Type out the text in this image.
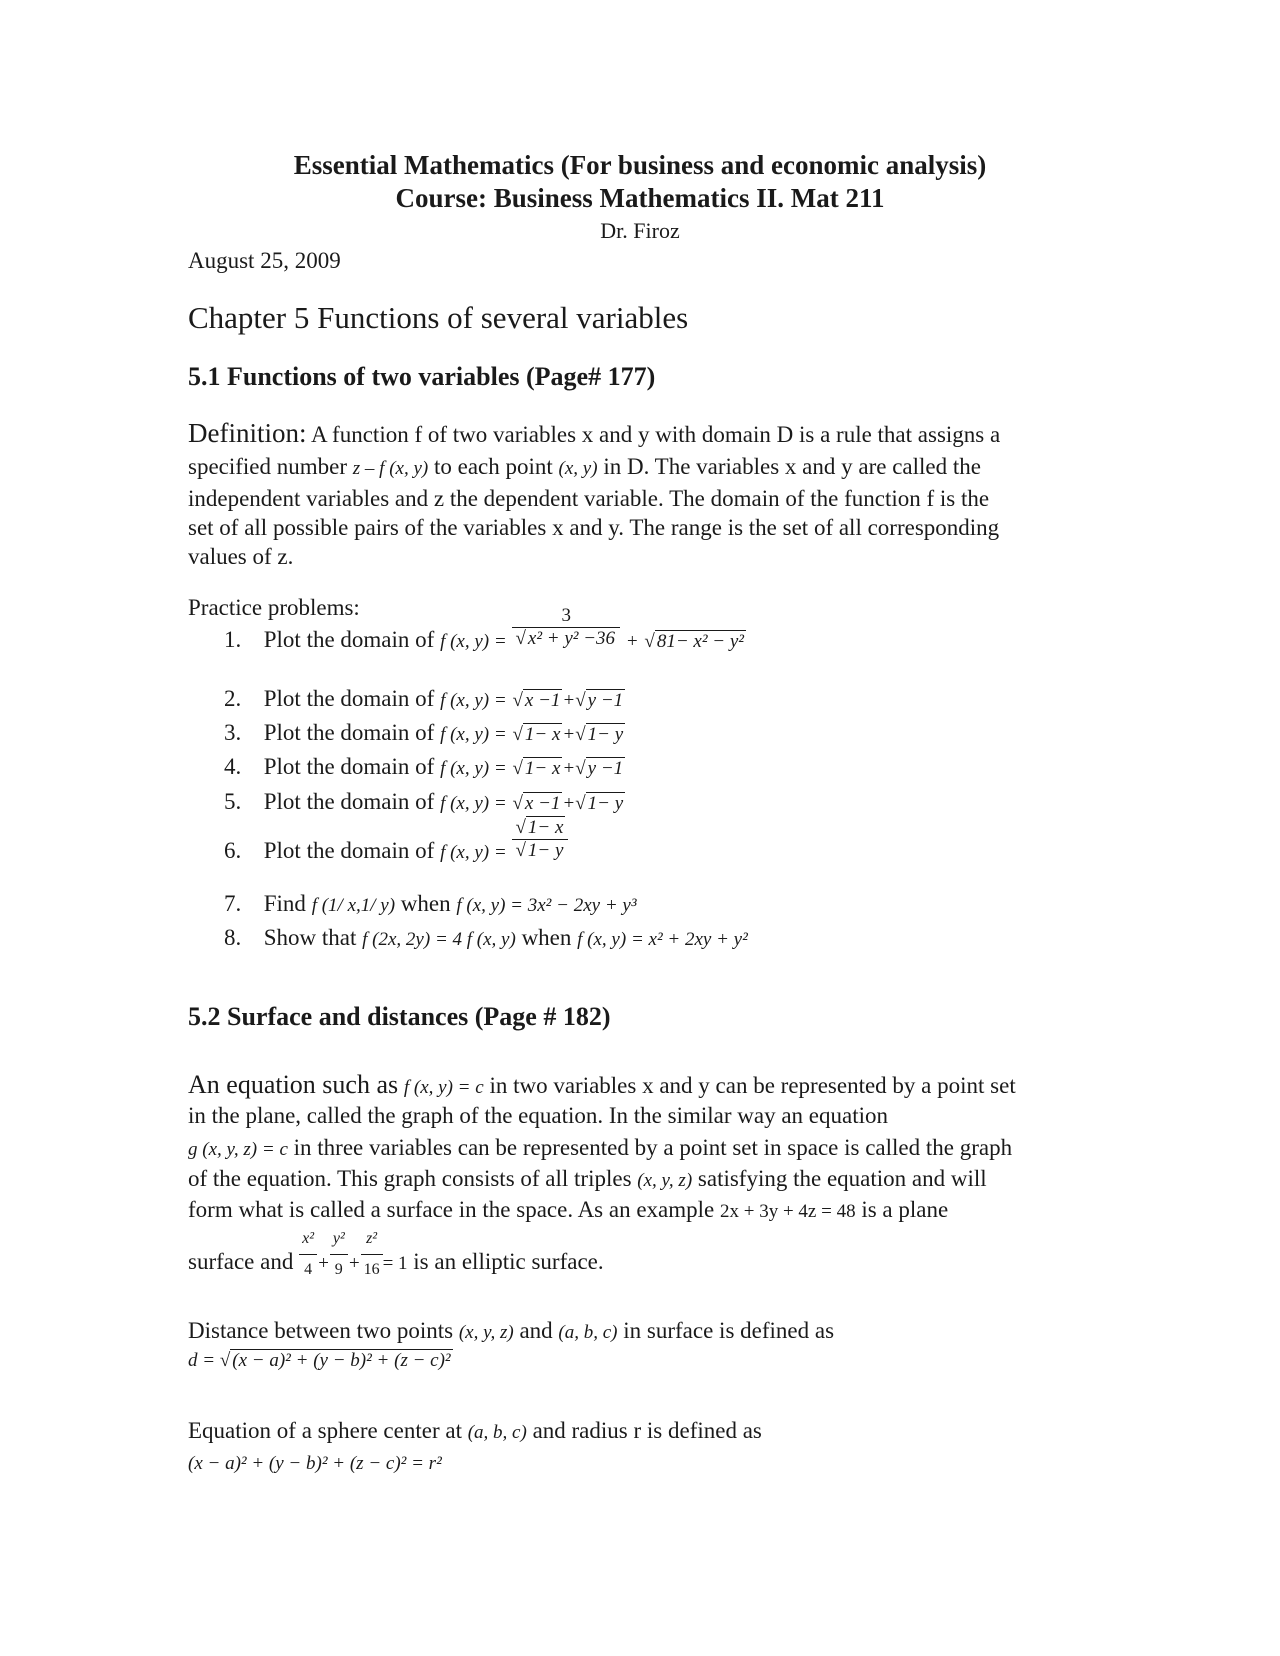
Essential Mathematics (For business and economic analysis)
Course: Business Mathematics II. Mat 211
Dr. Firoz
August 25, 2009
Chapter 5 Functions of several variables
5.1 Functions of two variables (Page# 177)
Definition: A function f of two variables x and y with domain D is a rule that assigns a
specified number z – f (x, y) to each point (x, y) in D. The variables x and y are called the
independent variables and z the dependent variable. The domain of the function f is the
set of all possible pairs of the variables x and y. The range is the set of all corresponding
values of z.
Practice problems:
1. Plot the domain of f (x, $y) = \frac{3}{\text{√ x² + y² −36}}$ + √ 81− x² − y²
2. Plot the domain of f (x, y) = √ x −1 +√ y −1
3. Plot the domain of f (x, y) = √ 1− x +√ 1− y
4. Plot the domain of f (x, y) = √ 1− x +√ y −1
5. Plot the domain of f (x, y) = √ x −1 +√ 1− y
6. Plot the domain of f (x, $y) = \frac{√ 1- x}{√ 1- y}$
7. Find f (1/ x,1/ y) when f (x, y) = 3x² − 2xy + y³
8. Show that f (2x, 2y) = 4 f (x, y) when f (x, y) = x² + 2xy + y²
5.2 Surface and distances (Page # 182)
An equation such as f (x, y) = c in two variables x and y can be represented by a point set
in the plane, called the graph of the equation. In the similar way an equation
g (x, y, z) = c in three variables can be represented by a point set in space is called the graph
of the equation. This graph consists of all triples (x, y, z) satisfying the equation and will
form what is called a surface in the space. As an example 2x + 3y + 4z = 48 is a plane
surface and $\frac{\text{x²}}{4} + \frac{\text{y²}}{9} + \frac{\text{z²}}{16} = 1$ is an elliptic surface.
Distance between two points (x, y, z) and (a, b, c) in surface is defined as
d = √ (x − a)² + (y − b)² + (z − c)²
Equation of a sphere center at (a, b, c) and radius r is defined as
(x − a)² + (y − b)² + (z − c)² = r²
